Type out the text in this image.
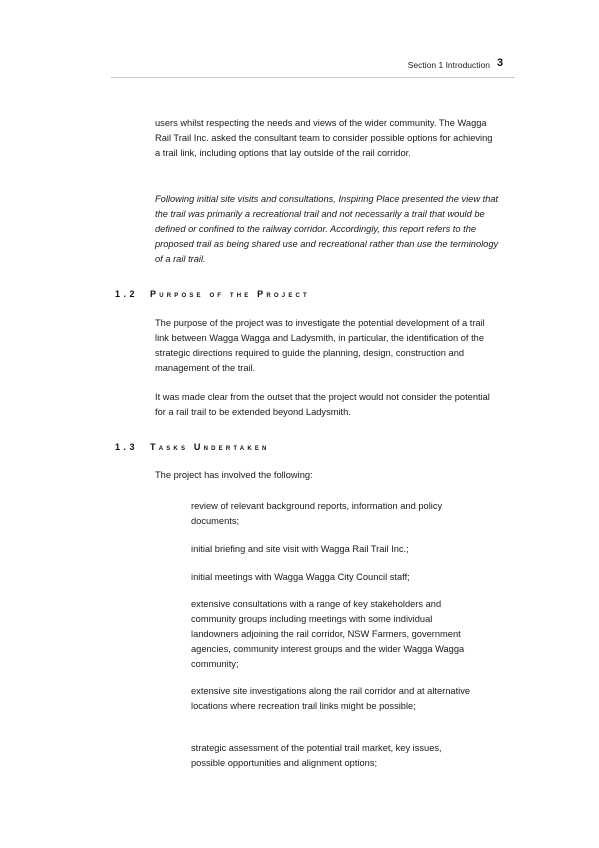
Section 1 Introduction 3

users whilst respecting the needs and views of the wider community. The Wagga Rail Trail Inc. asked the consultant team to consider possible options for achieving a trail link, including options that lay outside of the rail corridor.

Following initial site visits and consultations, Inspiring Place presented the view that the trail was primarily a recreational trail and not necessarily a trail that would be defined or confined to the railway corridor. Accordingly, this report refers to the proposed trail as being shared use and recreational rather than use the terminology of a rail trail.

1.2 Purpose of the Project

The purpose of the project was to investigate the potential development of a trail link between Wagga Wagga and Ladysmith, in particular, the identification of the strategic directions required to guide the planning, design, construction and management of the trail.

It was made clear from the outset that the project would not consider the potential for a rail trail to be extended beyond Ladysmith.

1.3 Tasks Undertaken

The project has involved the following:

review of relevant background reports, information and policy documents;

initial briefing and site visit with Wagga Rail Trail Inc.;

initial meetings with Wagga Wagga City Council staff;

extensive consultations with a range of key stakeholders and community groups including meetings with some individual landowners adjoining the rail corridor, NSW Farmers, government agencies, community interest groups and the wider Wagga Wagga community;

extensive site investigations along the rail corridor and at alternative locations where recreation trail links might be possible;

strategic assessment of the potential trail market, key issues, possible opportunities and alignment options;
